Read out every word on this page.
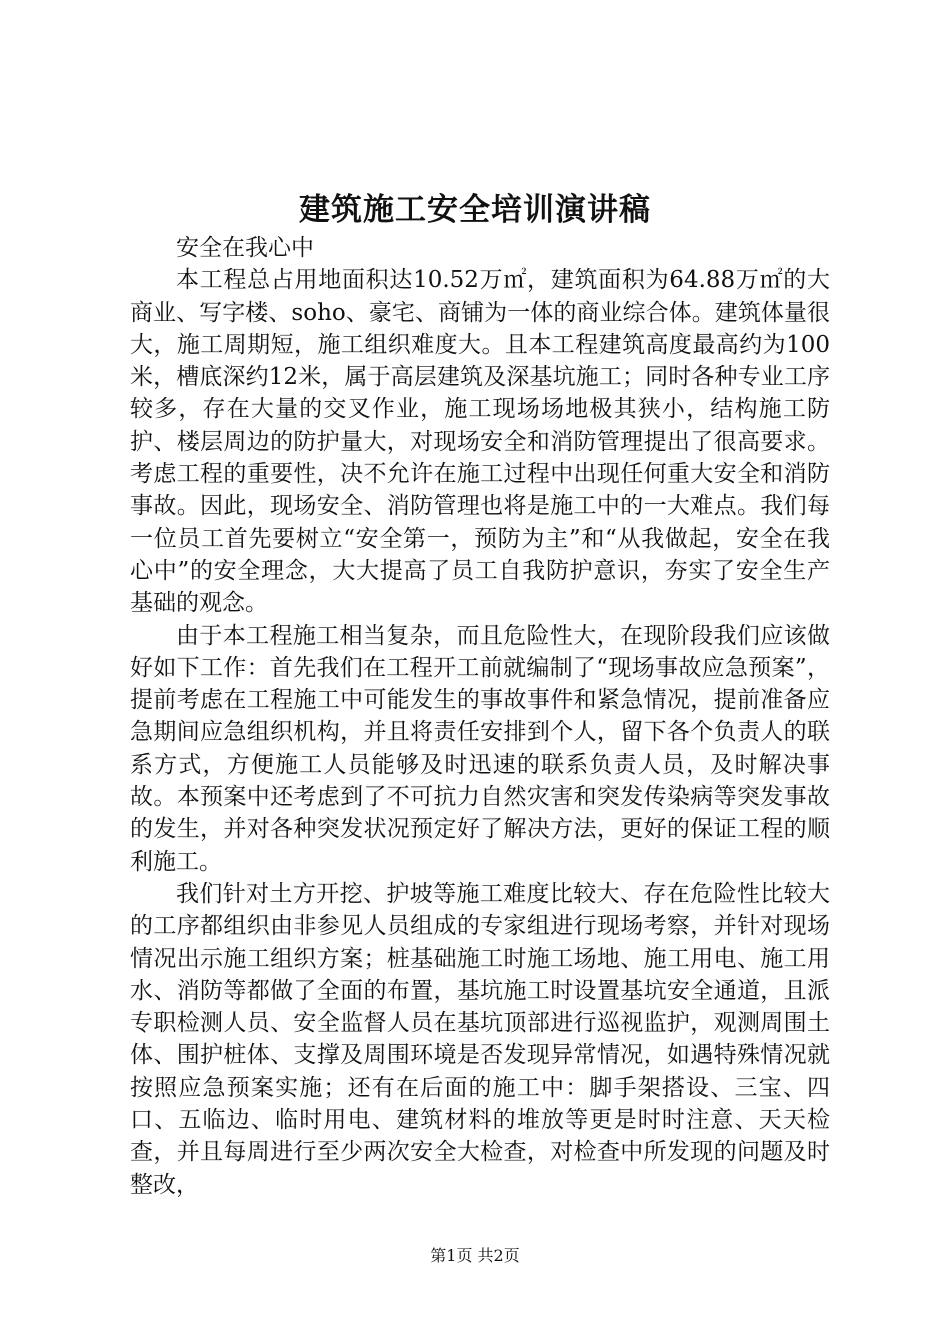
建筑施工安全培训演讲稿

安全在我心中

本工程总占用地面积达10.52万㎡，建筑面积为64.88万㎡的大商业、写字楼、soho、豪宅、商铺为一体的商业综合体。建筑体量很大，施工周期短，施工组织难度大。且本工程建筑高度最高约为100米，槽底深约12米，属于高层建筑及深基坑施工；同时各种专业工序较多，存在大量的交叉作业，施工现场场地极其狭小，结构施工防护、楼层周边的防护量大，对现场安全和消防管理提出了很高要求。考虑工程的重要性，决不允许在施工过程中出现任何重大安全和消防事故。因此，现场安全、消防管理也将是施工中的一大难点。我们每一位员工首先要树立“安全第一，预防为主”和“从我做起，安全在我心中”的安全理念，大大提高了员工自我防护意识，夯实了安全生产基础的观念。

由于本工程施工相当复杂，而且危险性大，在现阶段我们应该做好如下工作：首先我们在工程开工前就编制了“现场事故应急预案”，提前考虑在工程施工中可能发生的事故事件和紧急情况，提前准备应急期间应急组织机构，并且将责任安排到个人，留下各个负责人的联系方式，方便施工人员能够及时迅速的联系负责人员，及时解决事故。本预案中还考虑到了不可抗力自然灾害和突发传染病等突发事故的发生，并对各种突发状况预定好了解决方法，更好的保证工程的顺利施工。

我们针对土方开挖、护坡等施工难度比较大、存在危险性比较大的工序都组织由非参见人员组成的专家组进行现场考察，并针对现场情况出示施工组织方案；桩基础施工时施工场地、施工用电、施工用水、消防等都做了全面的布置，基坑施工时设置基坑安全通道，且派专职检测人员、安全监督人员在基坑顶部进行巡视监护，观测周围土体、围护桩体、支撑及周围环境是否发现异常情况，如遇特殊情况就按照应急预案实施；还有在后面的施工中：脚手架搭设、三宝、四口、五临边、临时用电、建筑材料的堆放等更是时时注意、天天检查，并且每周进行至少两次安全大检查，对检查中所发现的问题及时整改，

第1页 共2页
